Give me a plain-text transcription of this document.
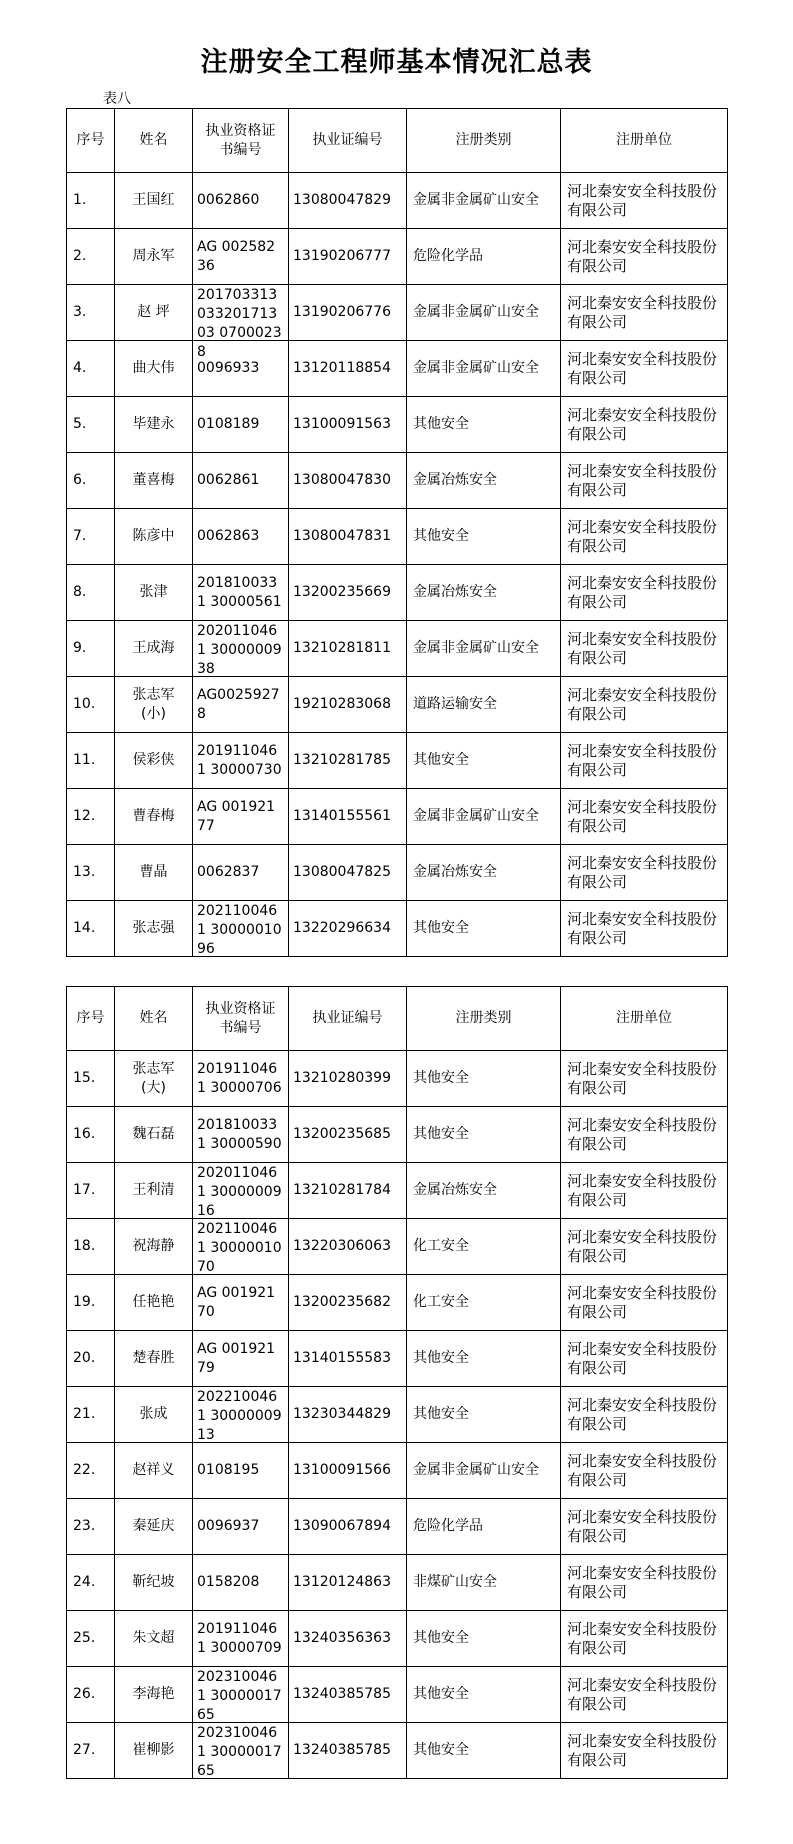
注册安全工程师基本情况汇总表
表八
序号	姓名	执业资格证书编号	执业证编号	注册类别	注册单位

1.	王国红	0062860	13080047829	金属非金属矿山安全	河北秦安安全科技股份有限公司

2.	周永军	AG 00258236	13190206777	危险化学品	河北秦安安全科技股份有限公司

3.	赵 坪	20170331303320171303 07000238	13190206776	金属非金属矿山安全	河北秦安安全科技股份有限公司

4.	曲大伟	0096933	13120118854	金属非金属矿山安全	河北秦安安全科技股份有限公司

5.	毕建永	0108189	13100091563	其他安全	河北秦安安全科技股份有限公司

6.	董喜梅	0062861	13080047830	金属冶炼安全	河北秦安安全科技股份有限公司

7.	陈彦中	0062863	13080047831	其他安全	河北秦安安全科技股份有限公司

8.	张津	2018100331 30000561	13200235669	金属冶炼安全	河北秦安安全科技股份有限公司

9.	王成海	2020110461 3000000938	13210281811	金属非金属矿山安全	河北秦安安全科技股份有限公司

10.	张志军(小)	AG00259278	19210283068	道路运输安全	河北秦安安全科技股份有限公司

11.	侯彩侠	2019110461 30000730	13210281785	其他安全	河北秦安安全科技股份有限公司

12.	曹春梅	AG 00192177	13140155561	金属非金属矿山安全	河北秦安安全科技股份有限公司

13.	曹晶	0062837	13080047825	金属冶炼安全	河北秦安安全科技股份有限公司

14.	张志强	2021100461 3000001096	13220296634	其他安全	河北秦安安全科技股份有限公司
序号	姓名	执业资格证书编号	执业证编号	注册类别	注册单位

15.	张志军(大)	2019110461 30000706	13210280399	其他安全	河北秦安安全科技股份有限公司

16.	魏石磊	2018100331 30000590	13200235685	其他安全	河北秦安安全科技股份有限公司

17.	王利清	2020110461 3000000916	13210281784	金属冶炼安全	河北秦安安全科技股份有限公司

18.	祝海静	2021100461 3000001070	13220306063	化工安全	河北秦安安全科技股份有限公司

19.	任艳艳	AG 00192170	13200235682	化工安全	河北秦安安全科技股份有限公司

20.	楚春胜	AG 00192179	13140155583	其他安全	河北秦安安全科技股份有限公司

21.	张成	2022100461 3000000913	13230344829	其他安全	河北秦安安全科技股份有限公司

22.	赵祥义	0108195	13100091566	金属非金属矿山安全	河北秦安安全科技股份有限公司

23.	秦延庆	0096937	13090067894	危险化学品	河北秦安安全科技股份有限公司

24.	靳纪坡	0158208	13120124863	非煤矿山安全	河北秦安安全科技股份有限公司

25.	朱文超	2019110461 30000709	13240356363	其他安全	河北秦安安全科技股份有限公司

26.	李海艳	2023100461 3000001765	13240385785	其他安全	河北秦安安全科技股份有限公司

27.	崔柳影	2023100461 3000001765	13240385785	其他安全	河北秦安安全科技股份有限公司
